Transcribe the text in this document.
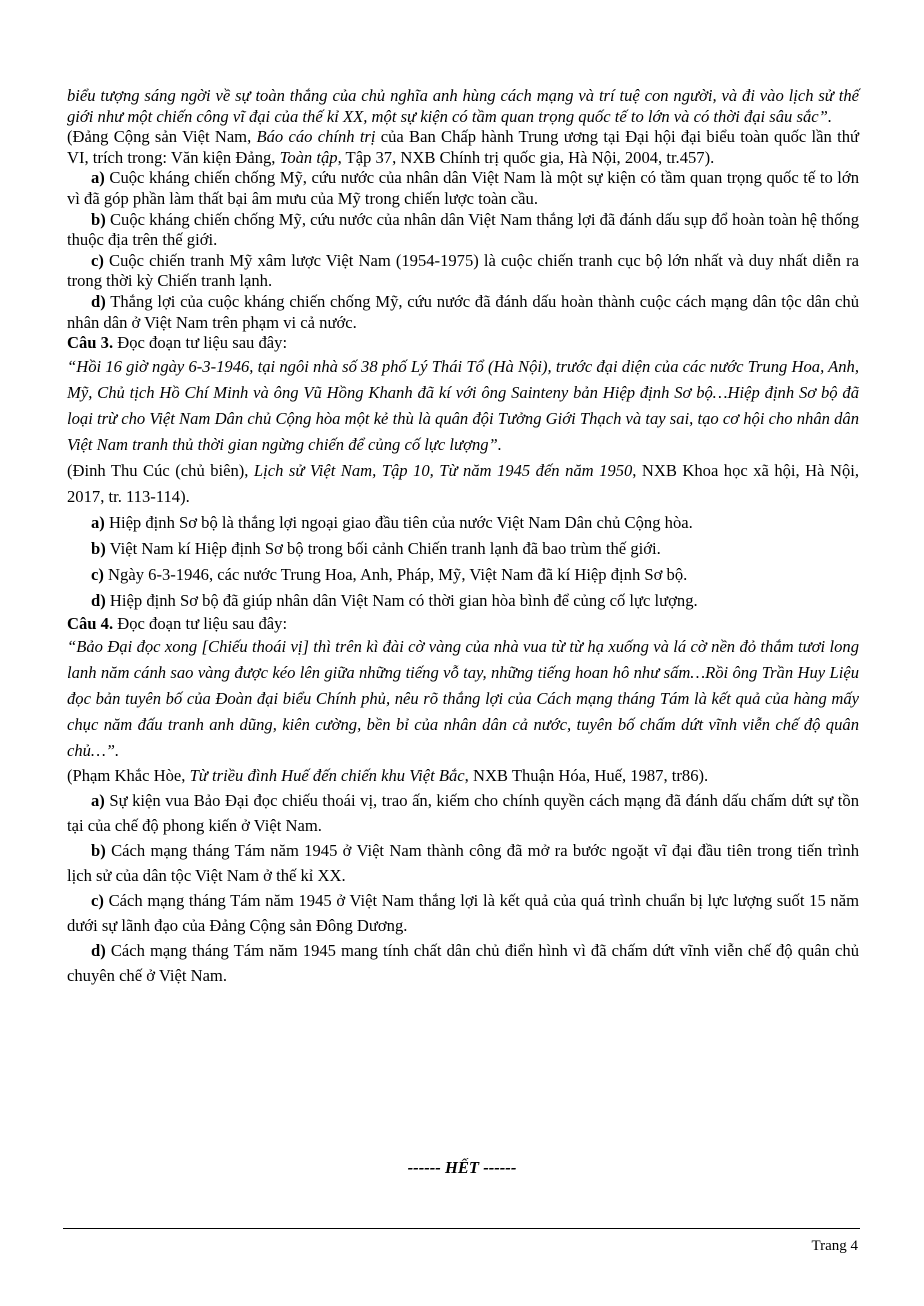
biểu tượng sáng ngời về sự toàn thắng của chủ nghĩa anh hùng cách mạng và trí tuệ con người, và đi vào lịch sử thế giới như một chiến công vĩ đại của thế kỉ XX, một sự kiện có tầm quan trọng quốc tế to lớn và có thời đại sâu sắc”.

(Đảng Cộng sản Việt Nam, Báo cáo chính trị của Ban Chấp hành Trung ương tại Đại hội đại biểu toàn quốc lần thứ VI, trích trong: Văn kiện Đảng, Toàn tập, Tập 37, NXB Chính trị quốc gia, Hà Nội, 2004, tr.457).

a) Cuộc kháng chiến chống Mỹ, cứu nước của nhân dân Việt Nam là một sự kiện có tầm quan trọng quốc tế to lớn vì đã góp phần làm thất bại âm mưu của Mỹ trong chiến lược toàn cầu.

b) Cuộc kháng chiến chống Mỹ, cứu nước của nhân dân Việt Nam thắng lợi đã đánh dấu sụp đổ hoàn toàn hệ thống thuộc địa trên thế giới.

c) Cuộc chiến tranh Mỹ xâm lược Việt Nam (1954-1975) là cuộc chiến tranh cục bộ lớn nhất và duy nhất diễn ra trong thời kỳ Chiến tranh lạnh.

d) Thắng lợi của cuộc kháng chiến chống Mỹ, cứu nước đã đánh dấu hoàn thành cuộc cách mạng dân tộc dân chủ nhân dân ở Việt Nam trên phạm vi cả nước.

Câu 3. Đọc đoạn tư liệu sau đây:

“Hồi 16 giờ ngày 6-3-1946, tại ngôi nhà số 38 phố Lý Thái Tổ (Hà Nội), trước đại diện của các nước Trung Hoa, Anh, Mỹ, Chủ tịch Hồ Chí Minh và ông Vũ Hồng Khanh đã kí với ông Sainteny bản Hiệp định Sơ bộ…Hiệp định Sơ bộ đã loại trừ cho Việt Nam Dân chủ Cộng hòa một kẻ thù là quân đội Tưởng Giới Thạch và tay sai, tạo cơ hội cho nhân dân Việt Nam tranh thủ thời gian ngừng chiến để củng cố lực lượng”.

(Đinh Thu Cúc (chủ biên), Lịch sử Việt Nam, Tập 10, Từ năm 1945 đến năm 1950, NXB Khoa học xã hội, Hà Nội, 2017, tr. 113-114).

a) Hiệp định Sơ bộ là thắng lợi ngoại giao đầu tiên của nước Việt Nam Dân chủ Cộng hòa.

b) Việt Nam kí Hiệp định Sơ bộ trong bối cảnh Chiến tranh lạnh đã bao trùm thế giới.

c) Ngày 6-3-1946, các nước Trung Hoa, Anh, Pháp, Mỹ, Việt Nam đã kí Hiệp định Sơ bộ.

d) Hiệp định Sơ bộ đã giúp nhân dân Việt Nam có thời gian hòa bình để củng cố lực lượng.

Câu 4. Đọc đoạn tư liệu sau đây:

“Bảo Đại đọc xong [Chiếu thoái vị] thì trên kì đài cờ vàng của nhà vua từ từ hạ xuống và lá cờ nền đỏ thắm tươi long lanh năm cánh sao vàng được kéo lên giữa những tiếng vỗ tay, những tiếng hoan hô như sấm…Rồi ông Trần Huy Liệu đọc bản tuyên bố của Đoàn đại biểu Chính phủ, nêu rõ thắng lợi của Cách mạng tháng Tám là kết quả của hàng mấy chục năm đấu tranh anh dũng, kiên cường, bền bỉ của nhân dân cả nước, tuyên bố chấm dứt vĩnh viễn chế độ quân chủ…”.

(Phạm Khắc Hòe, Từ triều đình Huế đến chiến khu Việt Bắc, NXB Thuận Hóa, Huế, 1987, tr86).

a) Sự kiện vua Bảo Đại đọc chiếu thoái vị, trao ấn, kiếm cho chính quyền cách mạng đã đánh dấu chấm dứt sự tồn tại của chế độ phong kiến ở Việt Nam.

b) Cách mạng tháng Tám năm 1945 ở Việt Nam thành công đã mở ra bước ngoặt vĩ đại đầu tiên trong tiến trình lịch sử của dân tộc Việt Nam ở thế kỉ XX.

c) Cách mạng tháng Tám năm 1945 ở Việt Nam thắng lợi là kết quả của quá trình chuẩn bị lực lượng suốt 15 năm dưới sự lãnh đạo của Đảng Cộng sản Đông Dương.

d) Cách mạng tháng Tám năm 1945 mang tính chất dân chủ điển hình vì đã chấm dứt vĩnh viễn chế độ quân chủ chuyên chế ở Việt Nam.

------ HẾT ------
Trang 4
